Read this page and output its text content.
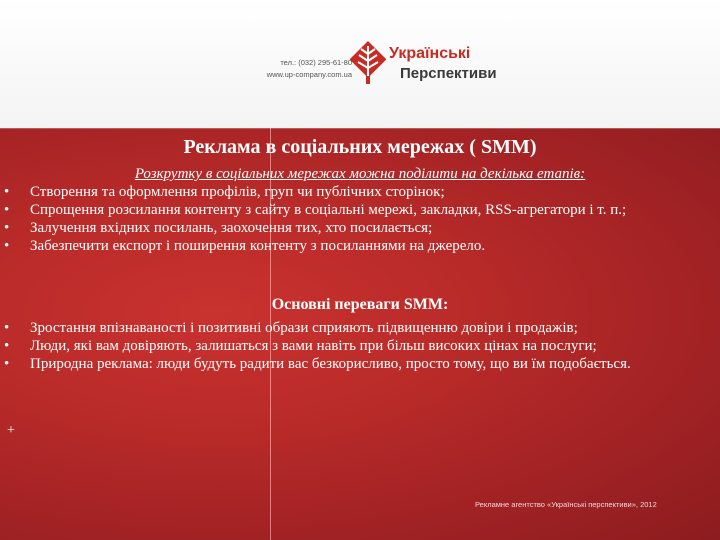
тел.: (032) 295-61-80
www.up-company.com.ua
Українські
Перспективи
Реклама в соціальних мережах ( SMM)
Розкрутку в соціальних мережах можна поділити на декілька етапів:
•	Створення та оформлення профілів, груп чи публічних сторінок;
•	Спрощення розсилання контенту з сайту в соціальні мережі, закладки, RSS-агрегатори і т. п.;
•	Залучення вхідних посилань, заохочення тих, хто посилається;
•	Забезпечити експорт і поширення контенту з посиланнями на джерело.
Основні переваги SMM:
•	Зростання впізнаваності і позитивні образи сприяють підвищенню довіри і продажів;
•	Люди, які вам довіряють, залишаться з вами навіть при більш високих цінах на послуги;
•	Природна реклама: люди будуть радити вас безкорисливо, просто тому, що ви їм подобається.
+
Рекламне агентство «Українські перспективи», 2012
